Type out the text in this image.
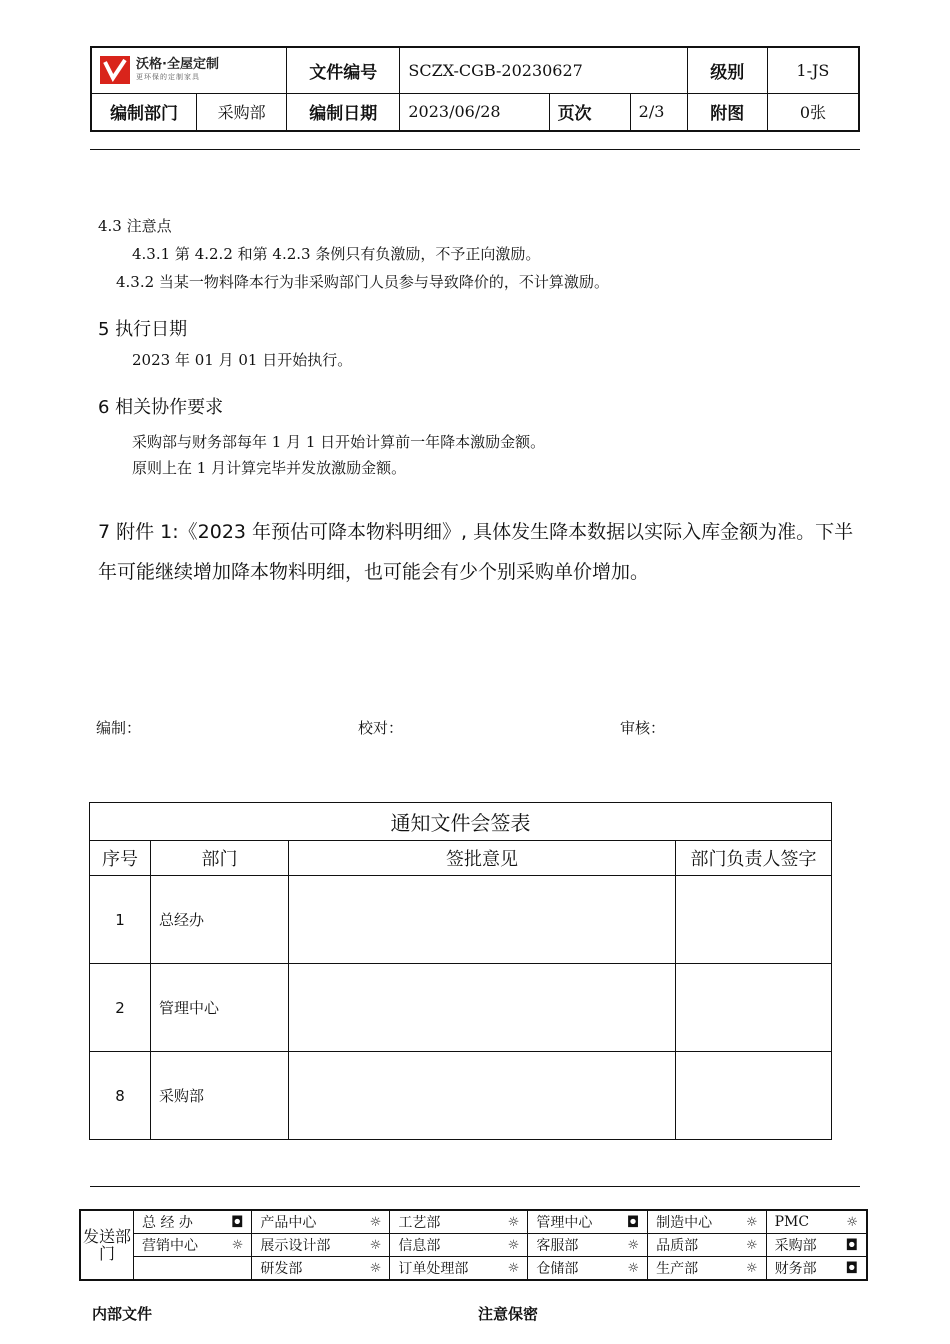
沃格·全屋定制
更环保的定制家具		文件编号	SCZX-CGB-20230627			级别	1-JS
编制部门	采购部	编制日期	2023/06/28	页次	2/3	附图	0张
4.3 注意点
4.3.1 第 4.2.2 和第 4.2.3 条例只有负激励，不予正向激励。
4.3.2 当某一物料降本行为非采购部门人员参与导致降价的，不计算激励。
5 执行日期
2023 年 01 月 01 日开始执行。
6 相关协作要求
采购部与财务部每年 1 月 1 日开始计算前一年降本激励金额。
原则上在 1 月计算完毕并发放激励金额。
7 附件 1:《2023 年预估可降本物料明细》, 具体发生降本数据以实际入库金额为准。下半年可能继续增加降本物料明细，也可能会有少个别采购单价增加。
编制：	校对：	审核：
通知文件会签表			
序号	部门	签批意见	部门负责人签字
1	总经办		
2	管理中心		
8	采购部		
发送部门	总 经 办 ◘	产品中心 ☼	工艺部 ☼	管理中心 ◘	制造中心 ☼	PMC ☼

	营销中心 ☼	展示设计部 ☼	信息部 ☼	客服部 ☼	品质部 ☼	采购部 ◘

		研发部 ☼	订单处理部 ☼	仓储部 ☼	生产部 ☼	财务部 ◘
内部文件	注意保密
